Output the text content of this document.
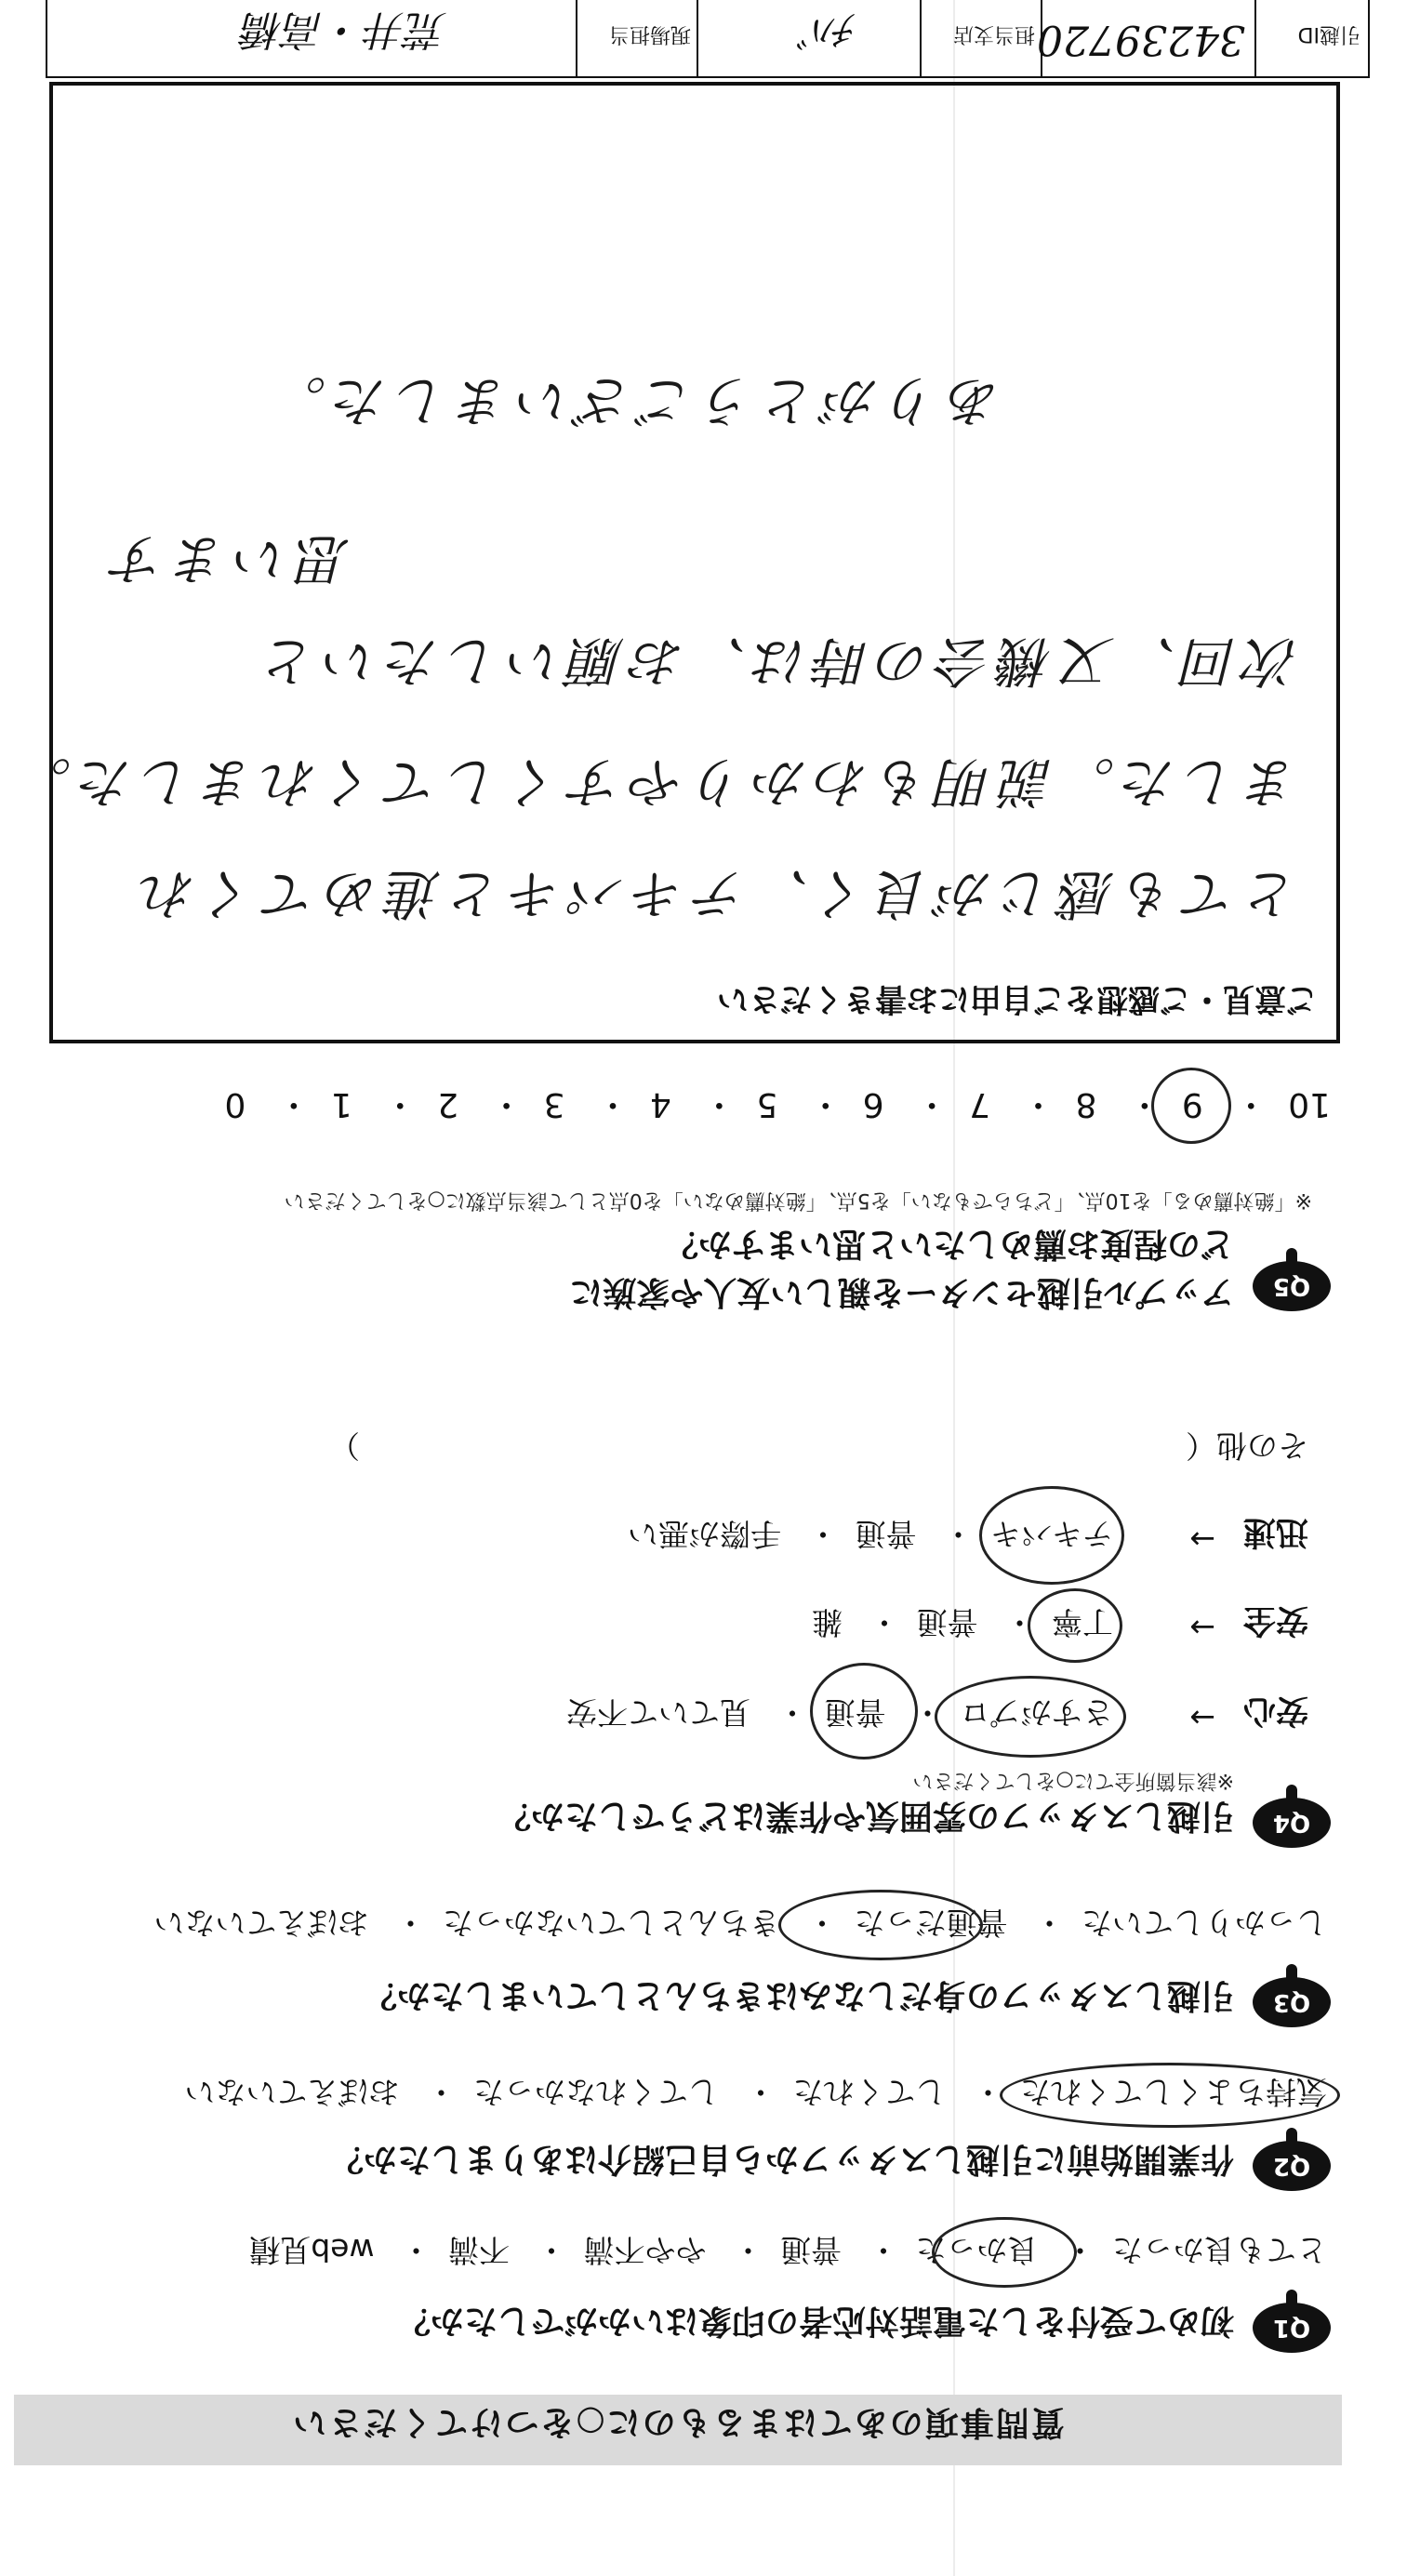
引越ID
34239720
担当支店
ﾁﾊﾞ
現場担当
荒井・高橋
質問事項のあてはまるものに○をつけてください
Q1
初めて受付をした電話対応者の印象はいかがでしたか？
とても良かった・ 良かった・ 普通・ やや不満・ 不満・ web見積
Q2
作業開始前に引越しスタッフから自己紹介はありましたか？
気持ちよくしてくれた・ してくれた・ してくれなかった・ おぼえていない
Q3
引越しスタッフの身だしなみはきちんとしていましたか？
しっかりしていた・ 普通だった・ きちんとしていなかった・ おぼえていない
Q4
引越しスタッフの雰囲気や作業はどうでしたか？
※該当箇所全てに○をしてください
安心
→
さすがプロ・ 普通・ 見ていて不安
安全
→
丁寧・ 普通・ 雑
迅速
→
テキパキ・ 普通・ 手際が悪い
その他（
）
Q5
アップル引越センターを親しい友人や家族に
どの程度お薦めしたいと思いますか？
※「絶対薦める」を10点、「どちらでもない」を5点、「絶対薦めない」を0点として該当点数に○をしてください
10・ 9・ 8・ 7・ 6・ 5・ 4・ 3・ 2・ 1・ 0
ご意見・ご感想をご自由にお書きください
とても感じが良く、テキパキと進めてくれ
ました。説明もわかりやすくしてくれました。
次回、又機会の時は、お願いしたいと
思います
ありがとうございました。
